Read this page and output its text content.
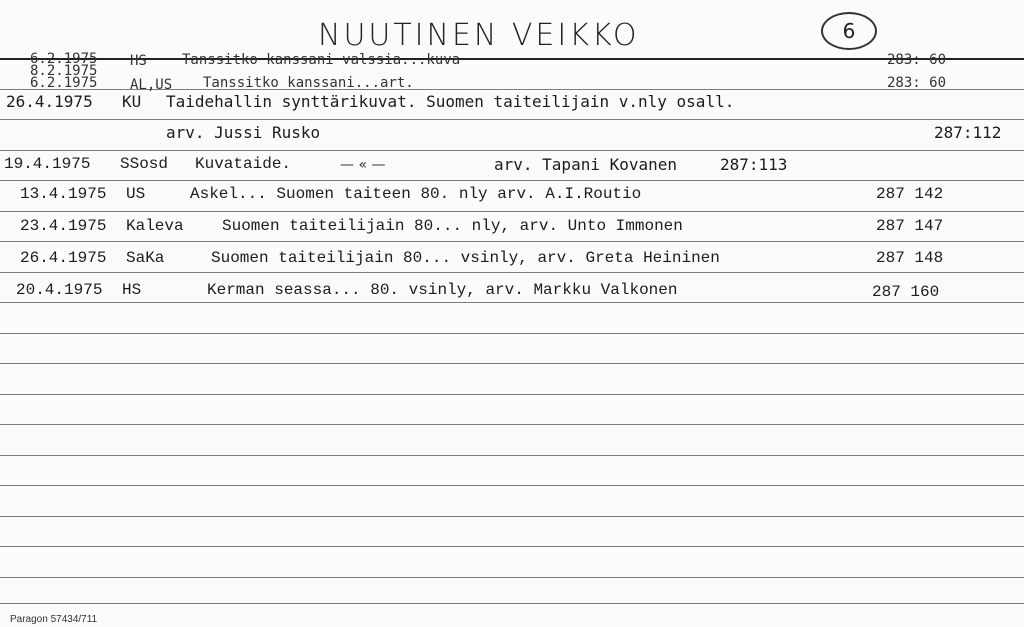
NUUTINEN VEIKKO	6
6.2.1975 HS	Tanssitko kanssani valssia...kuva	283: 60
8.2.1975
6.2.1975 AL,US Tanssitko kanssani...art.	283: 60
26.4.1975 KU Taidehallin synttärikuvat. Suomen taiteilijain v.nly osall.
arv. Jussi Rusko	287:112
19.4.1975 SSosd Kuvataide.	— « —	arv. Tapani Kovanen	287:113
13.4.1975 US	Askel... Suomen taiteen 80. nly arv. A.I.Routio	287 142
23.4.1975 Kaleva Suomen taiteilijain 80... nly, arv. Unto Immonen	287 147
26.4.1975 SaKa	Suomen taiteilijain 80... vsinly, arv. Greta Heininen	287 148
20.4.1975 HS	Kerman seassa... 80. vsinly, arv. Markku Valkonen	287 160
Paragon 57434/711
